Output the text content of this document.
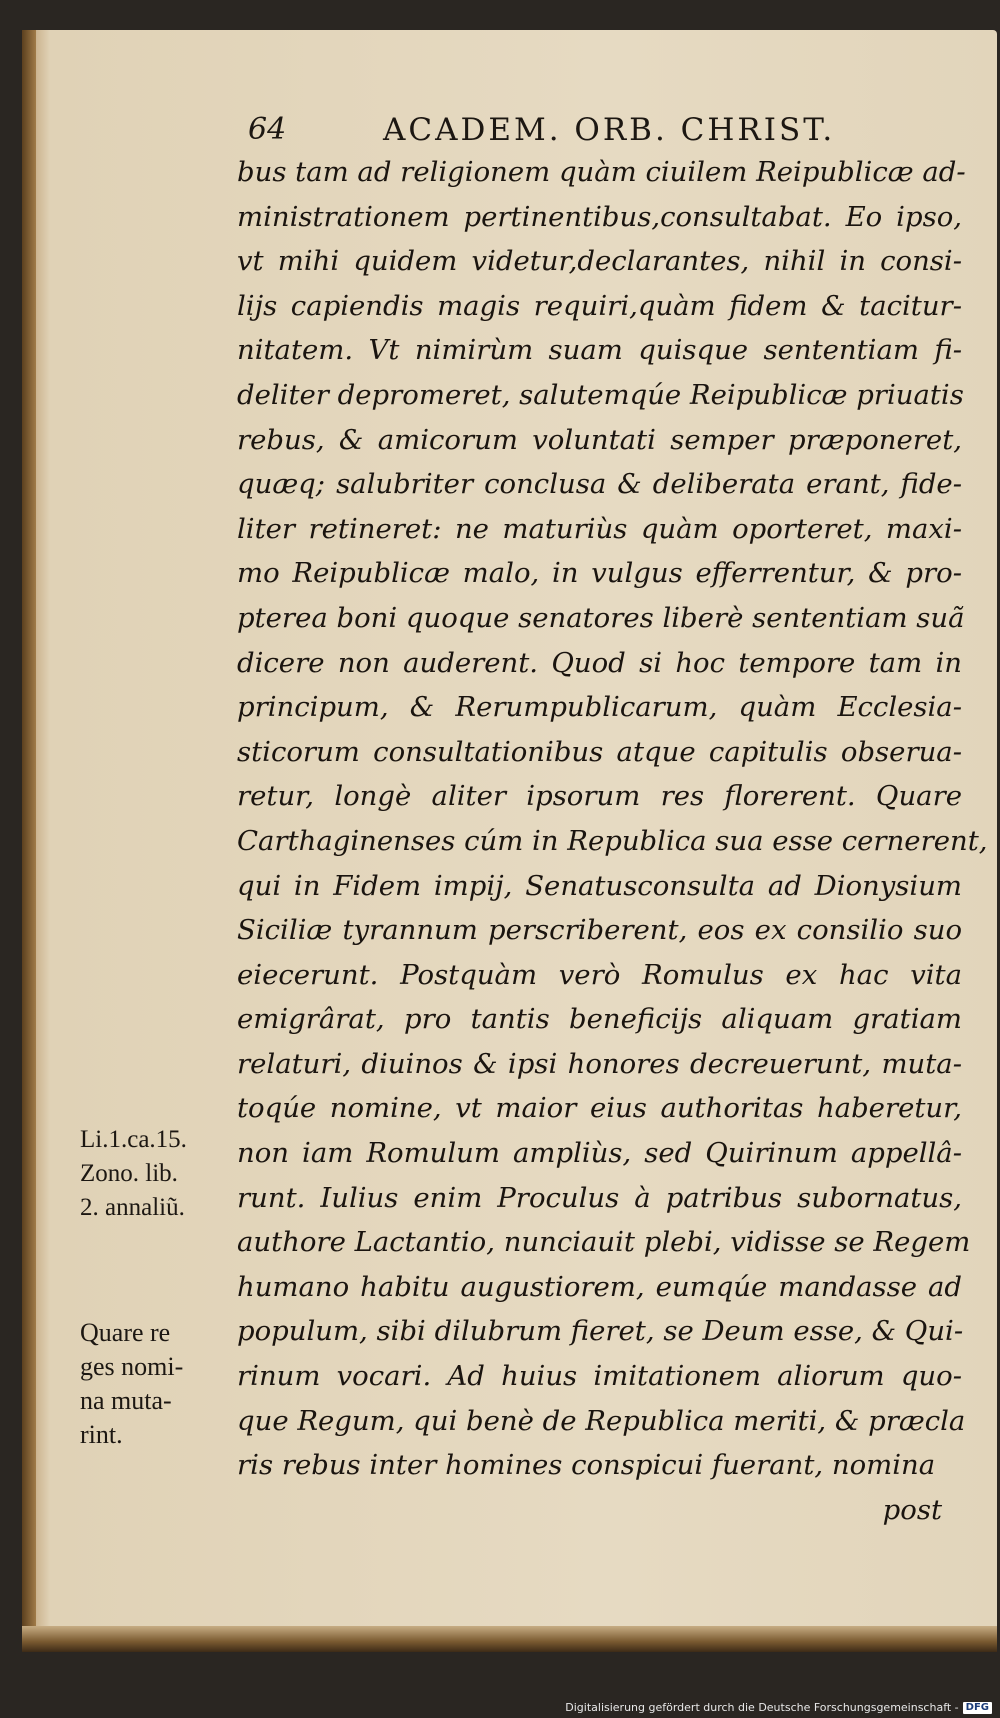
64	ACADEM. ORB. CHRIST.
bus tam ad religionem quàm ciuilem Reipublicæ ad-
ministrationem pertinentibus,consultabat. Eo ipso,
vt mihi quidem videtur,declarantes, nihil in consi-
lijs capiendis magis requiri,quàm fidem & tacitur-
nitatem. Vt nimirùm suam quisque sententiam fi-
deliter depromeret, salutemqúe Reipublicæ priuatis
rebus, & amicorum voluntati semper præponeret,
quæq; salubriter conclusa & deliberata erant, fide-
liter retineret: ne maturiùs quàm oporteret, maxi-
mo Reipublicæ malo, in vulgus efferrentur, & pro-
pterea boni quoque senatores liberè sententiam suã
dicere non auderent. Quod si hoc tempore tam in
principum, & Rerumpublicarum, quàm Ecclesia-
sticorum consultationibus atque capitulis obserua-
retur, longè aliter ipsorum res florerent. Quare
Carthaginenses cúm in Republica sua esse cernerent,
qui in Fidem impij, Senatusconsulta ad Dionysium
Siciliæ tyrannum perscriberent, eos ex consilio suo
eiecerunt. Postquàm verò Romulus ex hac vita
emigrârat, pro tantis beneficijs aliquam gratiam
relaturi, diuinos & ipsi honores decreuerunt, muta-
toqúe nomine, vt maior eius authoritas haberetur,
non iam Romulum ampliùs, sed Quirinum appellâ-
runt. Iulius enim Proculus à patribus subornatus,
authore Lactantio, nunciauit plebi, vidisse se Regem
humano habitu augustiorem, eumqúe mandasse ad
populum, sibi dilubrum fieret, se Deum esse, & Qui-
rinum vocari. Ad huius imitationem aliorum quo-
que Regum, qui benè de Republica meriti, & præcla
ris rebus inter homines conspicui fuerant, nomina
post
Li.1.ca.15.
Zono. lib.
2. annaliũ.
Quare re
ges nomi-
na muta-
rint.
Digitalisierung gefördert durch die Deutsche Forschungsgemeinschaft - DFG
